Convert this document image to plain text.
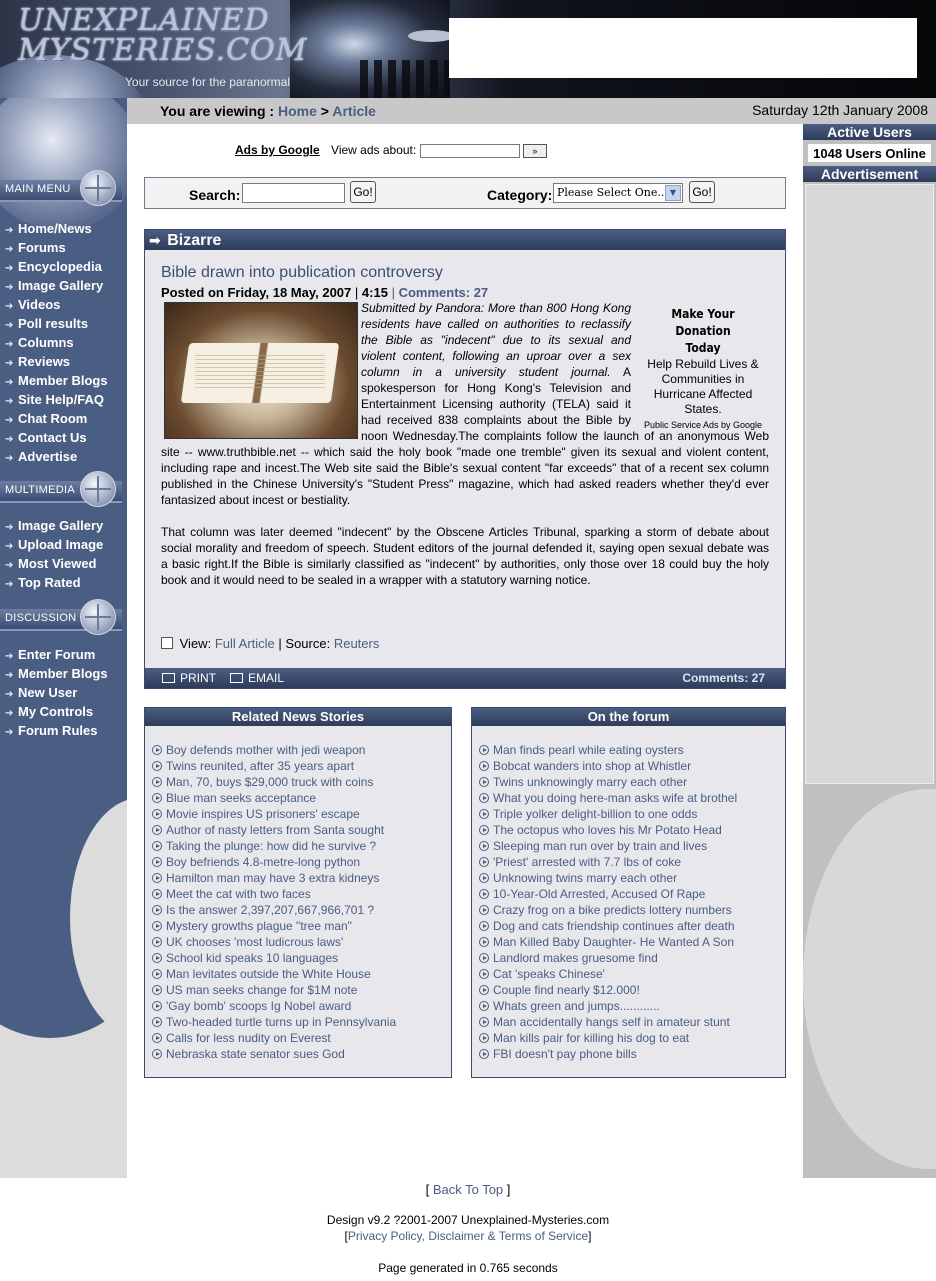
UNEXPLAINED
MYSTERIES.COM
Your source for the paranormal
MAIN MENU
➔ Home/News
➔ Forums
➔ Encyclopedia
➔ Image Gallery
➔ Videos
➔ Poll results
➔ Columns
➔ Reviews
➔ Member Blogs
➔ Site Help/FAQ
➔ Chat Room
➔ Contact Us
➔ Advertise
MULTIMEDIA
➔ Image Gallery
➔ Upload Image
➔ Most Viewed
➔ Top Rated
DISCUSSION
➔ Enter Forum
➔ Member Blogs
➔ New User
➔ My Controls
➔ Forum Rules
You are viewing : Home > Article	Saturday 12th January 2008
Ads by Google View ads about:	»
Search:	Go!	Category: Please Select One.. ▼	Go!
➡ Bizarre
Bible drawn into publication controversy
Posted on Friday, 18 May, 2007 | 4:15 | Comments: 27
Make Your Donation
Today
Help Rebuild Lives & Communities in Hurricane Affected States.
Public Service Ads by Google

Submitted by Pandora: More than 800 Hong Kong residents have called on authorities to reclassify the Bible as "indecent" due to its sexual and violent content, following an uproar over a sex column in a university student journal. A spokesperson for Hong Kong's Television and Entertainment Licensing authority (TELA) said it had received 838 complaints about the Bible by noon Wednesday.The complaints follow the launch of an anonymous Web site -- www.truthbible.net -- which said the holy book "made one tremble" given its sexual and violent content, including rape and incest.The Web site said the Bible's sexual content "far exceeds" that of a recent sex column published in the Chinese University's "Student Press" magazine, which had asked readers whether they'd ever fantasized about incest or bestiality.

That column was later deemed "indecent" by the Obscene Articles Tribunal, sparking a storm of debate about social morality and freedom of speech. Student editors of the journal defended it, saying open sexual debate was a basic right.If the Bible is similarly classified as "indecent" by authorities, only those over 18 could buy the holy book and it would need to be sealed in a wrapper with a statutory warning notice.

View: Full Article | Source: Reuters
PRINT	EMAIL	Comments: 27
Related News Stories
Boy defends mother with jedi weapon
Twins reunited, after 35 years apart
Man, 70, buys $29,000 truck with coins
Blue man seeks acceptance
Movie inspires US prisoners' escape
Author of nasty letters from Santa sought
Taking the plunge: how did he survive ?
Boy befriends 4.8-metre-long python
Hamilton man may have 3 extra kidneys
Meet the cat with two faces
Is the answer 2,397,207,667,966,701 ?
Mystery growths plague "tree man"
UK chooses 'most ludicrous laws'
School kid speaks 10 languages
Man levitates outside the White House
US man seeks change for $1M note
'Gay bomb' scoops Ig Nobel award
Two-headed turtle turns up in Pennsylvania
Calls for less nudity on Everest
Nebraska state senator sues God
On the forum
Man finds pearl while eating oysters
Bobcat wanders into shop at Whistler
Twins unknowingly marry each other
What you doing here-man asks wife at brothel
Triple yolker delight-billion to one odds
The octopus who loves his Mr Potato Head
Sleeping man run over by train and lives
'Priest' arrested with 7.7 lbs of coke
Unknowing twins marry each other
10-Year-Old Arrested, Accused Of Rape
Crazy frog on a bike predicts lottery numbers
Dog and cats friendship continues after death
Man Killed Baby Daughter- He Wanted A Son
Landlord makes gruesome find
Cat 'speaks Chinese'
Couple find nearly $12.000!
Whats green and jumps............
Man accidentally hangs self in amateur stunt
Man kills pair for killing his dog to eat
FBI doesn't pay phone bills
Active Users
1048 Users Online
Advertisement
[ Back To Top ]
Design v9.2 ?2001-2007 Unexplained-Mysteries.com
[Privacy Policy, Disclaimer & Terms of Service]
Page generated in 0.765 seconds
